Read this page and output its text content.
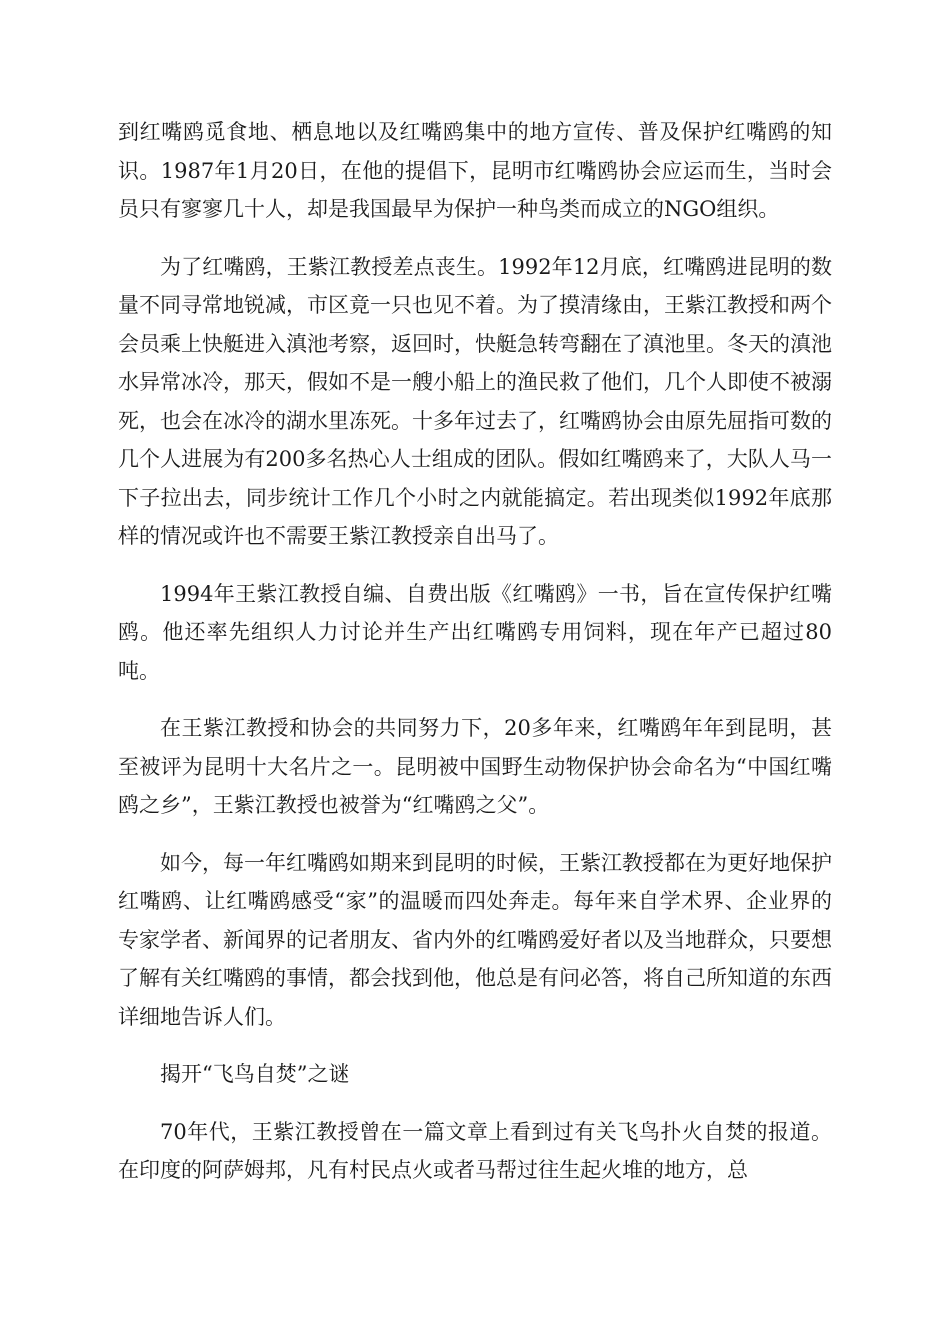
到红嘴鸥觅食地、栖息地以及红嘴鸥集中的地方宣传、普及保护红嘴鸥的知识。1987年1月20日，在他的提倡下，昆明市红嘴鸥协会应运而生，当时会员只有寥寥几十人，却是我国最早为保护一种鸟类而成立的NGO组织。

为了红嘴鸥，王紫江教授差点丧生。1992年12月底，红嘴鸥进昆明的数量不同寻常地锐减，市区竟一只也见不着。为了摸清缘由，王紫江教授和两个会员乘上快艇进入滇池考察，返回时，快艇急转弯翻在了滇池里。冬天的滇池水异常冰冷，那天，假如不是一艘小船上的渔民救了他们，几个人即使不被溺死，也会在冰冷的湖水里冻死。十多年过去了，红嘴鸥协会由原先屈指可数的几个人进展为有200多名热心人士组成的团队。假如红嘴鸥来了，大队人马一下子拉出去，同步统计工作几个小时之内就能搞定。若出现类似1992年底那样的情况或许也不需要王紫江教授亲自出马了。

1994年王紫江教授自编、自费出版《红嘴鸥》一书，旨在宣传保护红嘴鸥。他还率先组织人力讨论并生产出红嘴鸥专用饲料，现在年产已超过80吨。

在王紫江教授和协会的共同努力下，20多年来，红嘴鸥年年到昆明，甚至被评为昆明十大名片之一。昆明被中国野生动物保护协会命名为“中国红嘴鸥之乡”，王紫江教授也被誉为“红嘴鸥之父”。

如今，每一年红嘴鸥如期来到昆明的时候，王紫江教授都在为更好地保护红嘴鸥、让红嘴鸥感受“家”的温暖而四处奔走。每年来自学术界、企业界的专家学者、新闻界的记者朋友、省内外的红嘴鸥爱好者以及当地群众，只要想了解有关红嘴鸥的事情，都会找到他，他总是有问必答，将自己所知道的东西详细地告诉人们。

揭开“飞鸟自焚”之谜

70年代，王紫江教授曾在一篇文章上看到过有关飞鸟扑火自焚的报道。在印度的阿萨姆邦，凡有村民点火或者马帮过往生起火堆的地方，总
